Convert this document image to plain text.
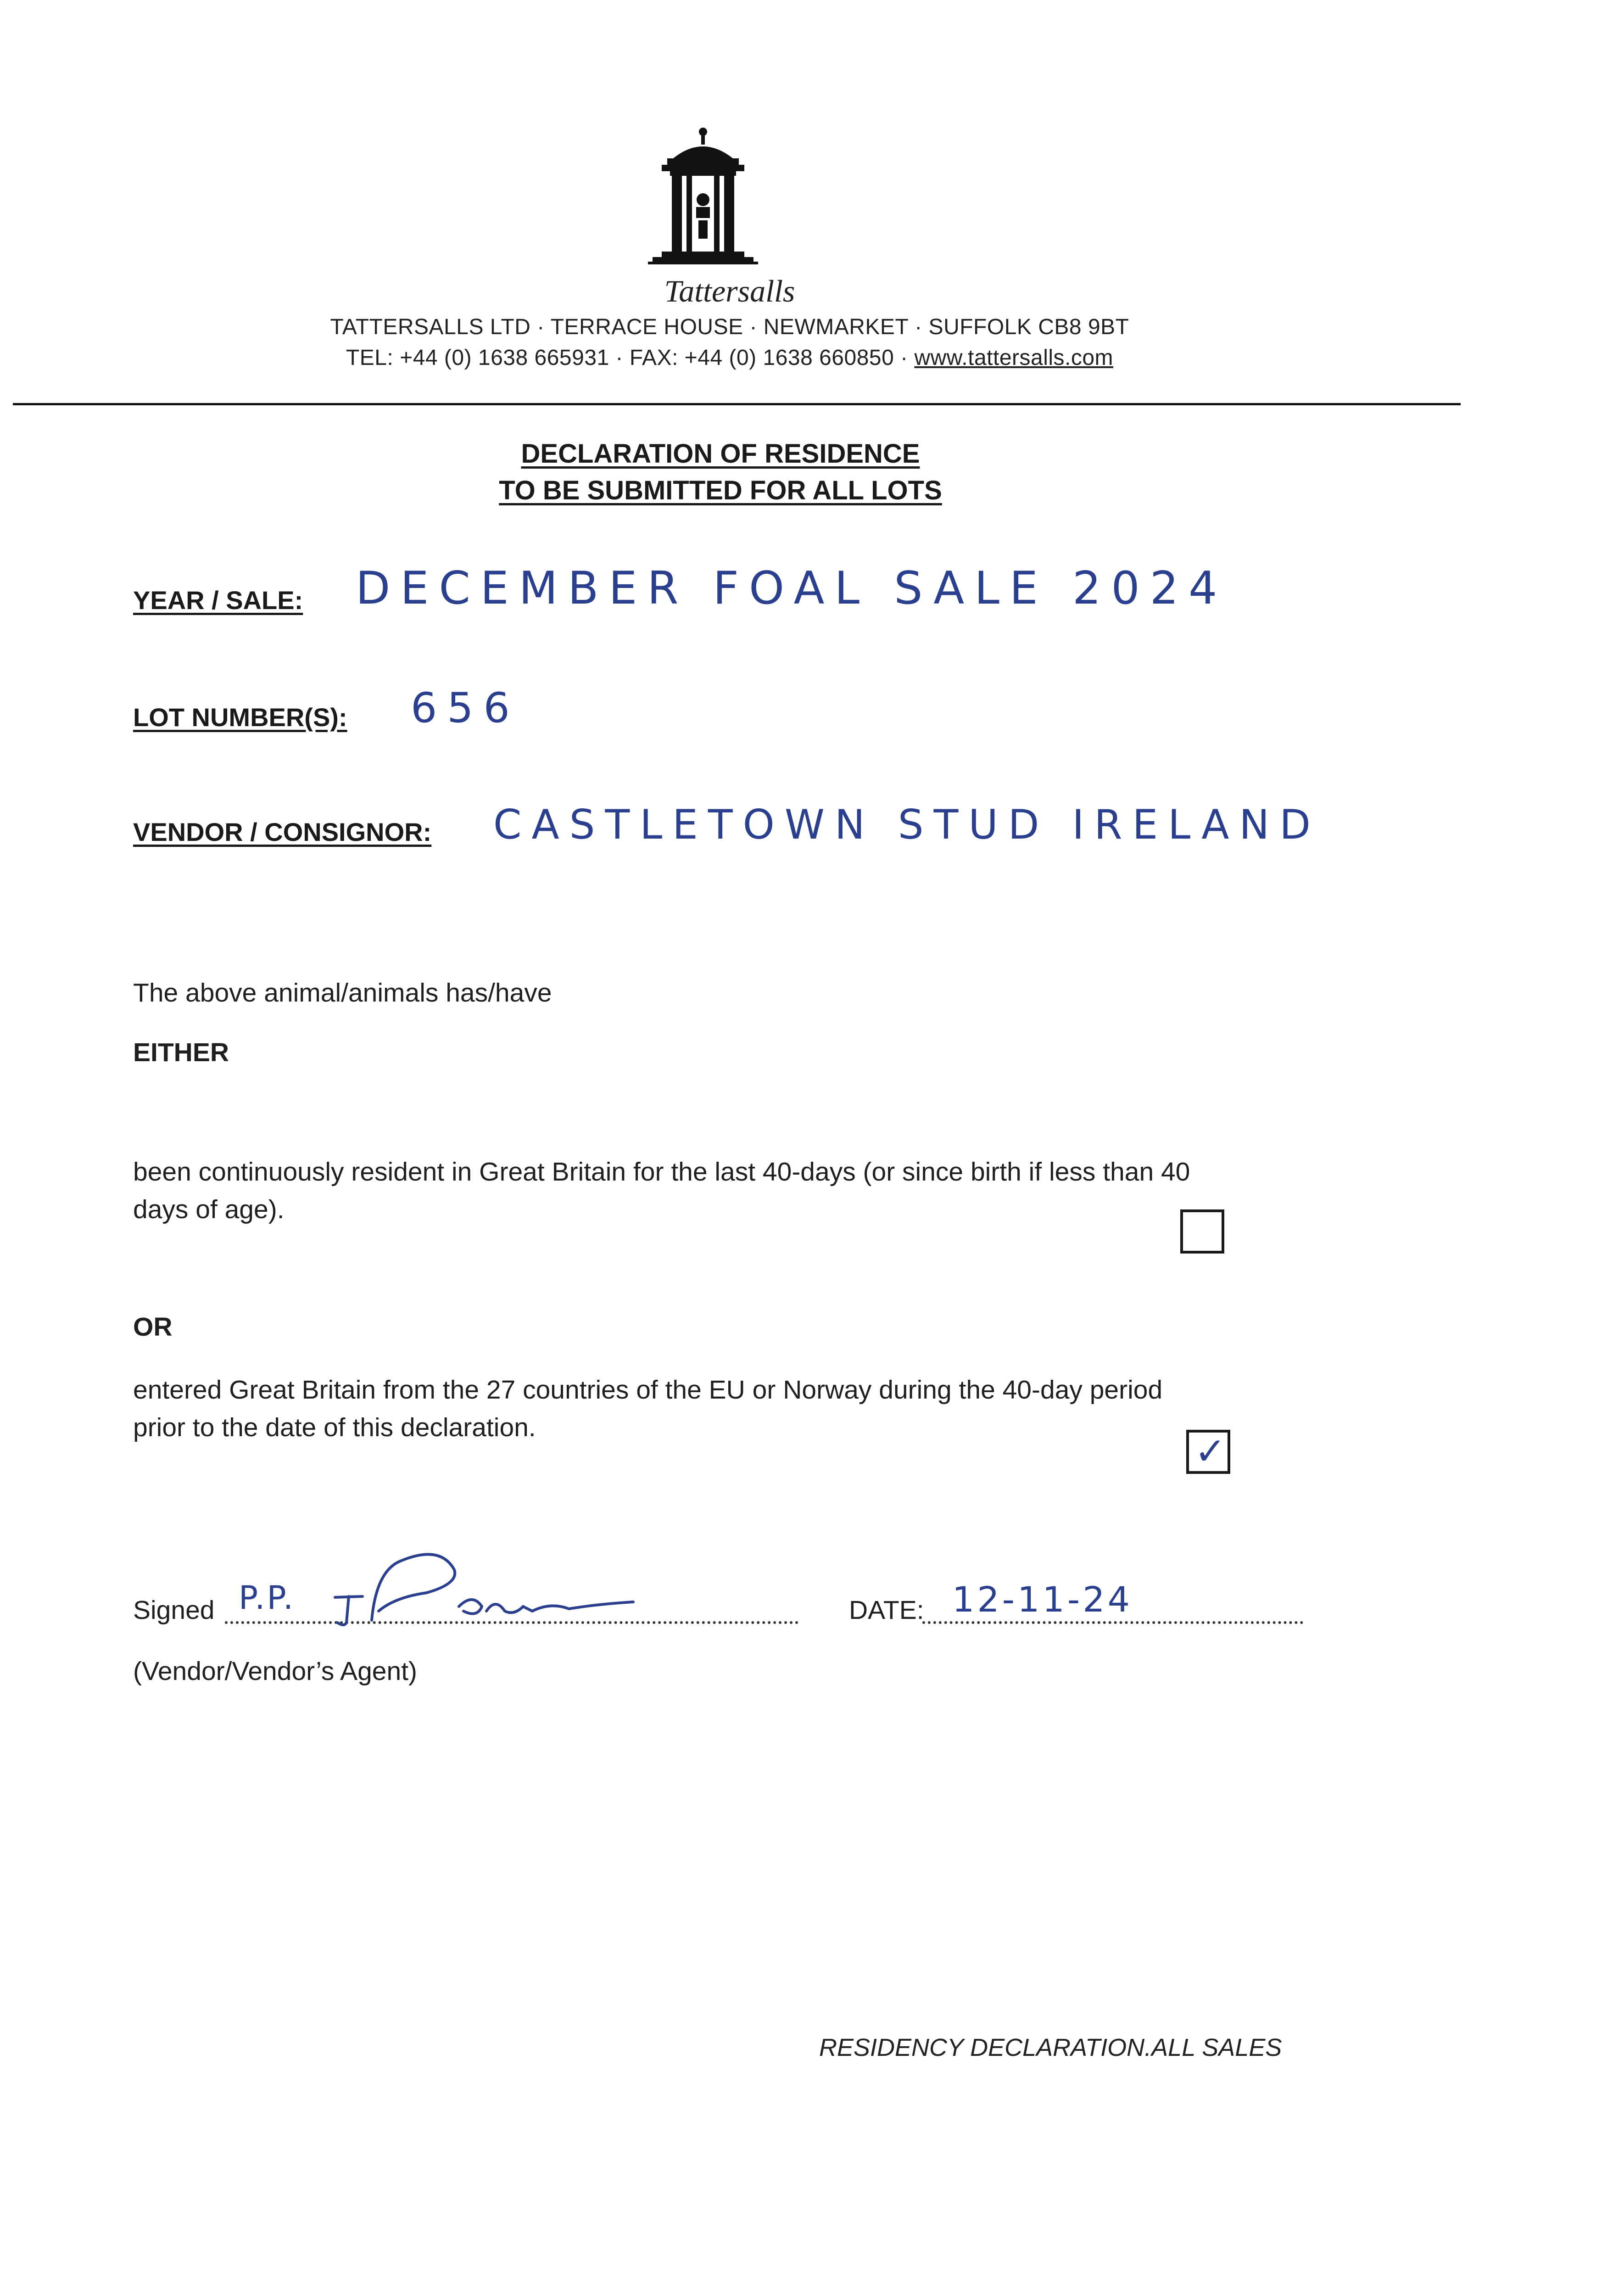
Tattersalls
TATTERSALLS LTD · TERRACE HOUSE · NEWMARKET · SUFFOLK CB8 9BT
TEL: +44 (0) 1638 665931 · FAX: +44 (0) 1638 660850 · www.tattersalls.com
DECLARATION OF RESIDENCE
TO BE SUBMITTED FOR ALL LOTS
YEAR / SALE: DECEMBER FOAL SALE 2024
LOT NUMBER(S): 656
VENDOR / CONSIGNOR: CASTLETOWN STUD IRELAND
The above animal/animals has/have
EITHER
been continuously resident in Great Britain for the last 40-days (or since birth if less than 40
days of age).
OR
entered Great Britain from the 27 countries of the EU or Norway during the 40-day period
prior to the date of this declaration.
✓
Signed P.P.	DATE: 12-11-24
(Vendor/Vendor’s Agent)
RESIDENCY DECLARATION.ALL SALES
